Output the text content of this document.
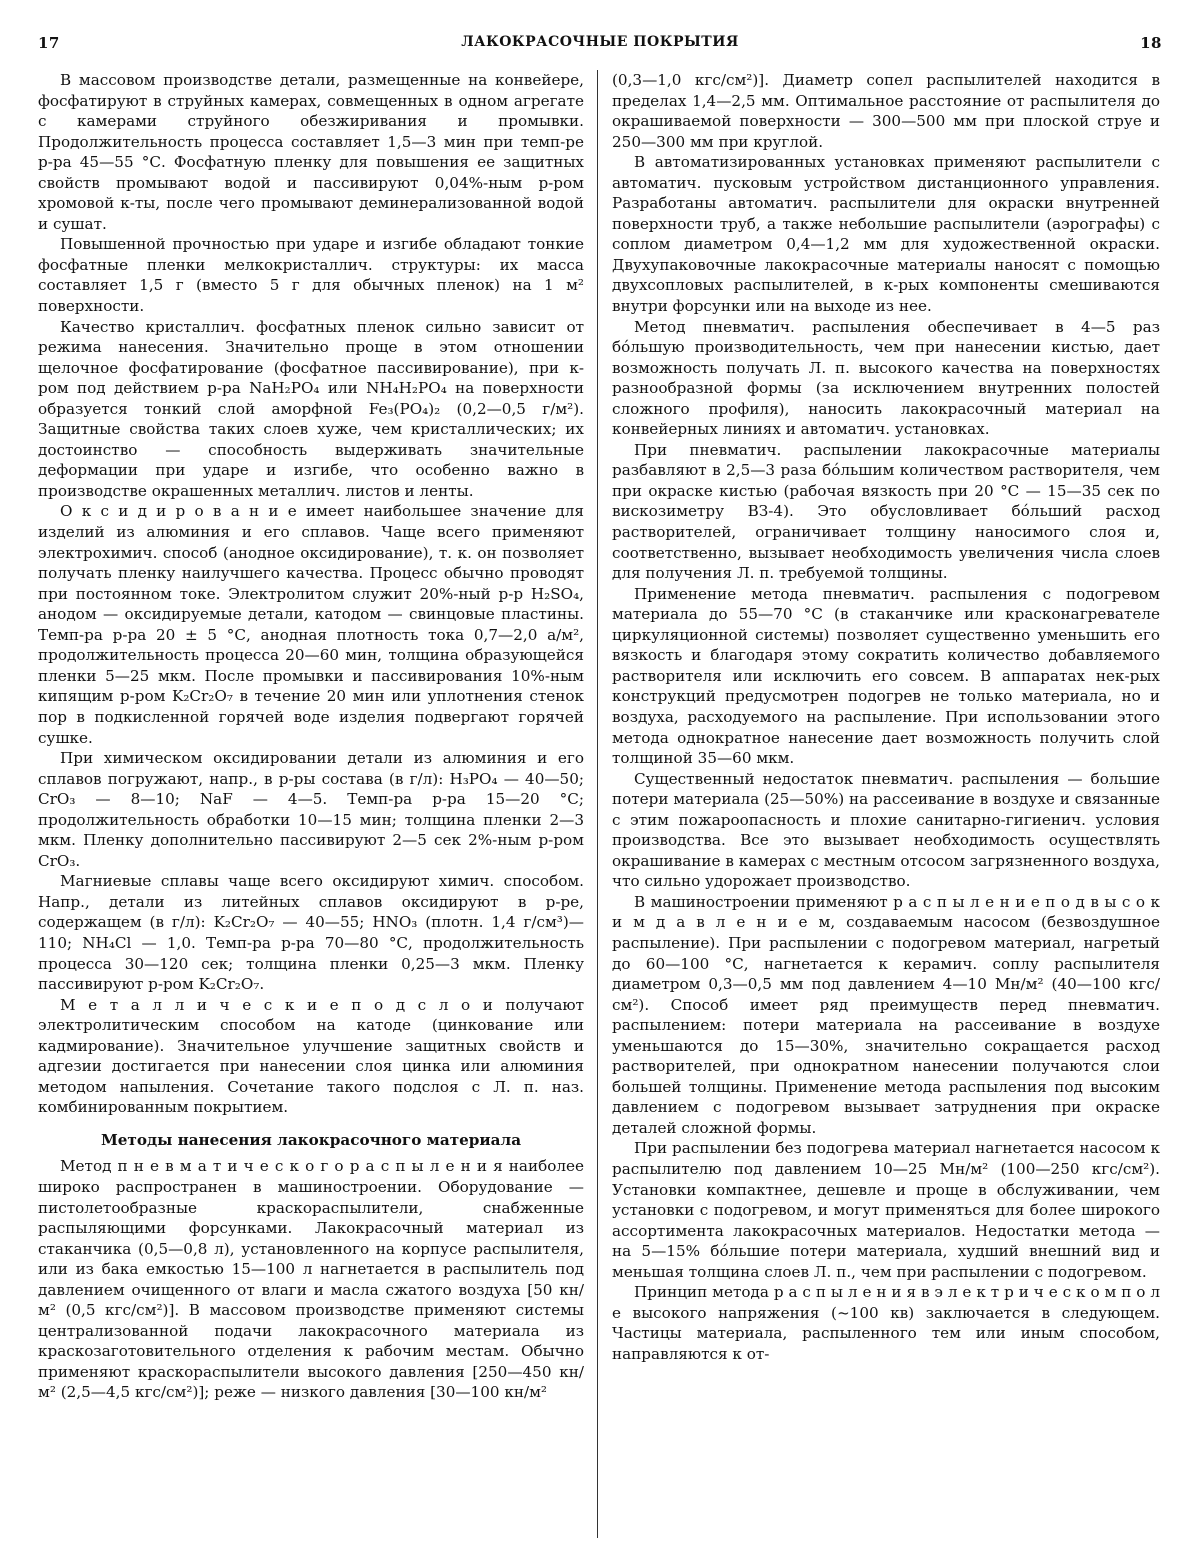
17	ЛАКОКРАСОЧНЫЕ ПОКРЫТИЯ	18

В массовом производстве детали, размещенные на конвейере, фосфатируют в струйных камерах, совмещенных в одном агрегате с камерами струйного обезжиривания и промывки. Продолжительность процесса составляет 1,5—3 мин при темп-ре р-ра 45—55 °С. Фосфатную пленку для повышения ее защитных свойств промывают водой и пассивируют 0,04%-ным р-ром хромовой к-ты, после чего промывают деминерализованной водой и сушат.

Повышенной прочностью при ударе и изгибе обладают тонкие фосфатные пленки мелкокристаллич. структуры: их масса составляет 1,5 г (вместо 5 г для обычных пленок) на 1 м² поверхности.

Качество кристаллич. фосфатных пленок сильно зависит от режима нанесения. Значительно проще в этом отношении щелочное фосфатирование (фосфатное пассивирование), при к-ром под действием р-ра NaH₂PO₄ или NH₄H₂PO₄ на поверхности образуется тонкий слой аморфной Fe₃(PO₄)₂ (0,2—0,5 г/м²). Защитные свойства таких слоев хуже, чем кристаллических; их достоинство — способность выдерживать значительные деформации при ударе и изгибе, что особенно важно в производстве окрашенных металлич. листов и ленты.

О к с и д и р о в а н и е имеет наибольшее значение для изделий из алюминия и его сплавов. Чаще всего применяют электрохимич. способ (анодное оксидирование), т. к. он позволяет получать пленку наилучшего качества. Процесс обычно проводят при постоянном токе. Электролитом служит 20%-ный р-р H₂SO₄, анодом — оксидируемые детали, катодом — свинцовые пластины. Темп-ра р-ра 20 ± 5 °С, анодная плотность тока 0,7—2,0 а/м², продолжительность процесса 20—60 мин, толщина образующейся пленки 5—25 мкм. После промывки и пассивирования 10%-ным кипящим р-ром K₂Cr₂O₇ в течение 20 мин или уплотнения стенок пор в подкисленной горячей воде изделия подвергают горячей сушке.

При химическом оксидировании детали из алюминия и его сплавов погружают, напр., в р-ры состава (в г/л): H₃PO₄ — 40—50; CrO₃ — 8—10; NaF — 4—5. Темп-ра р-ра 15—20 °С; продолжительность обработки 10—15 мин; толщина пленки 2—3 мкм. Пленку дополнительно пассивируют 2—5 сек 2%-ным р-ром CrO₃.

Магниевые сплавы чаще всего оксидируют химич. способом. Напр., детали из литейных сплавов оксидируют в р-ре, содержащем (в г/л): K₂Cr₂O₇ — 40—55; HNO₃ (плотн. 1,4 г/см³)—110; NH₄Cl — 1,0. Темп-ра р-ра 70—80 °С, продолжительность процесса 30—120 сек; толщина пленки 0,25—3 мкм. Пленку пассивируют р-ром K₂Cr₂O₇.

М е т а л л и ч е с к и е п о д с л о и получают электролитическим способом на катоде (цинкование или кадмирование). Значительное улучшение защитных свойств и адгезии достигается при нанесении слоя цинка или алюминия методом напыления. Сочетание такого подслоя с Л. п. наз. комбинированным покрытием.

Методы нанесения лакокрасочного материала

Метод п н е в м а т и ч е с к о г о р а с п ы л е н и я наиболее широко распространен в машиностроении. Оборудование — пистолетообразные краскораспылители, снабженные распыляющими форсунками. Лакокрасочный материал из стаканчика (0,5—0,8 л), установленного на корпусе распылителя, или из бака емкостью 15—100 л нагнетается в распылитель под давлением очищенного от влаги и масла сжатого воздуха [50 кн/м² (0,5 кгс/см²)]. В массовом производстве применяют системы централизованной подачи лакокрасочного материала из краскозаготовительного отделения к рабочим местам. Обычно применяют краскораспылители высокого давления [250—450 кн/м² (2,5—4,5 кгс/см²)]; реже — низкого давления [30—100 кн/м²

(0,3—1,0 кгс/см²)]. Диаметр сопел распылителей находится в пределах 1,4—2,5 мм. Оптимальное расстояние от распылителя до окрашиваемой поверхности — 300—500 мм при плоской струе и 250—300 мм при круглой.

В автоматизированных установках применяют распылители с автоматич. пусковым устройством дистанционного управления. Разработаны автоматич. распылители для окраски внутренней поверхности труб, а также небольшие распылители (аэрографы) с соплом диаметром 0,4—1,2 мм для художественной окраски. Двухупаковочные лакокрасочные материалы наносят с помощью двухсопловых распылителей, в к-рых компоненты смешиваются внутри форсунки или на выходе из нее.

Метод пневматич. распыления обеспечивает в 4—5 раз бо́льшую производительность, чем при нанесении кистью, дает возможность получать Л. п. высокого качества на поверхностях разнообразной формы (за исключением внутренних полостей сложного профиля), наносить лакокрасочный материал на конвейерных линиях и автоматич. установках.

При пневматич. распылении лакокрасочные материалы разбавляют в 2,5—3 раза бо́льшим количеством растворителя, чем при окраске кистью (рабочая вязкость при 20 °С — 15—35 сек по вискозиметру ВЗ-4). Это обусловливает бо́льший расход растворителей, ограничивает толщину наносимого слоя и, соответственно, вызывает необходимость увеличения числа слоев для получения Л. п. требуемой толщины.

Применение метода пневматич. распыления с подогревом материала до 55—70 °С (в стаканчике или красконагревателе циркуляционной системы) позволяет существенно уменьшить его вязкость и благодаря этому сократить количество добавляемого растворителя или исключить его совсем. В аппаратах нек-рых конструкций предусмотрен подогрев не только материала, но и воздуха, расходуемого на распыление. При использовании этого метода однократное нанесение дает возможность получить слой толщиной 35—60 мкм.

Существенный недостаток пневматич. распыления — большие потери материала (25—50%) на рассеивание в воздухе и связанные с этим пожароопасность и плохие санитарно-гигиенич. условия производства. Все это вызывает необходимость осуществлять окрашивание в камерах с местным отсосом загрязненного воздуха, что сильно удорожает производство.

В машиностроении применяют р а с п ы л е н и е п о д в ы с о к и м д а в л е н и е м, создаваемым насосом (безвоздушное распыление). При распылении с подогревом материал, нагретый до 60—100 °С, нагнетается к керамич. соплу распылителя диаметром 0,3—0,5 мм под давлением 4—10 Мн/м² (40—100 кгс/см²). Способ имеет ряд преимуществ перед пневматич. распылением: потери материала на рассеивание в воздухе уменьшаются до 15—30%, значительно сокращается расход растворителей, при однократном нанесении получаются слои большей толщины. Применение метода распыления под высоким давлением с подогревом вызывает затруднения при окраске деталей сложной формы.

При распылении без подогрева материал нагнетается насосом к распылителю под давлением 10—25 Мн/м² (100—250 кгс/см²). Установки компактнее, дешевле и проще в обслуживании, чем установки с подогревом, и могут применяться для более широкого ассортимента лакокрасочных материалов. Недостатки метода — на 5—15% бо́льшие потери материала, худший внешний вид и меньшая толщина слоев Л. п., чем при распылении с подогревом.

Принцип метода р а с п ы л е н и я в э л е к т р и ч е с к о м п о л е высокого напряжения (~100 кв) заключается в следующем. Частицы материала, распыленного тем или иным способом, направляются к от-
